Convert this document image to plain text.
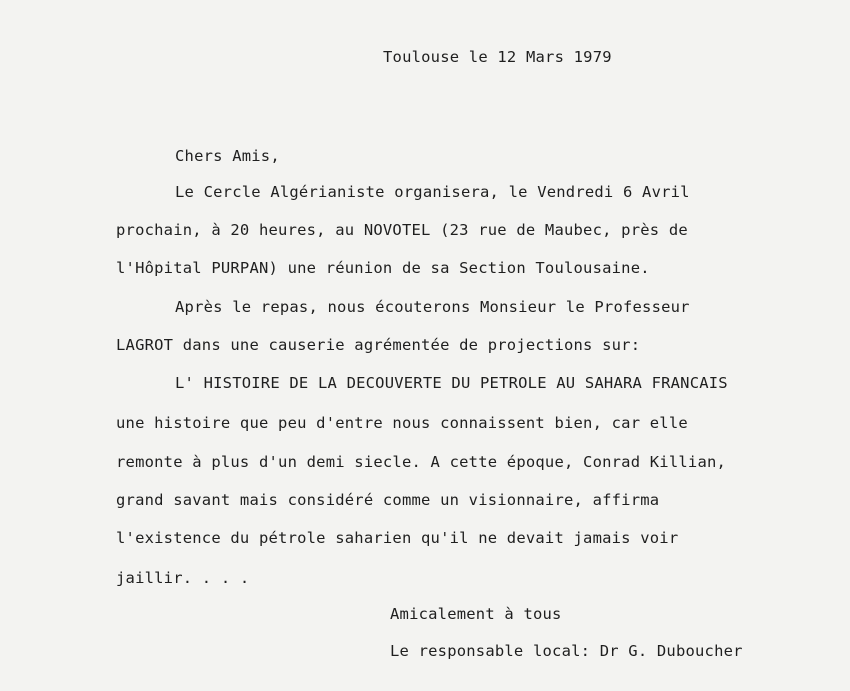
Toulouse le 12 Mars 1979
Chers Amis,
Le Cercle Algérianiste organisera, le Vendredi 6 Avril
prochain, à 20 heures, au NOVOTEL (23 rue de Maubec, près de
l'Hôpital PURPAN) une réunion de sa Section Toulousaine.
Après le repas, nous écouterons Monsieur le Professeur
LAGROT dans une causerie agrémentée de projections sur:
L' HISTOIRE DE LA DECOUVERTE DU PETROLE AU SAHARA FRANCAIS
une histoire que peu d'entre nous connaissent bien, car elle
remonte à plus d'un demi siecle. A cette époque, Conrad Killian,
grand savant mais considéré comme un visionnaire, affirma
l'existence du pétrole saharien qu'il ne devait jamais voir
jaillir. . . .
Amicalement à tous
Le responsable local: Dr G. Duboucher
